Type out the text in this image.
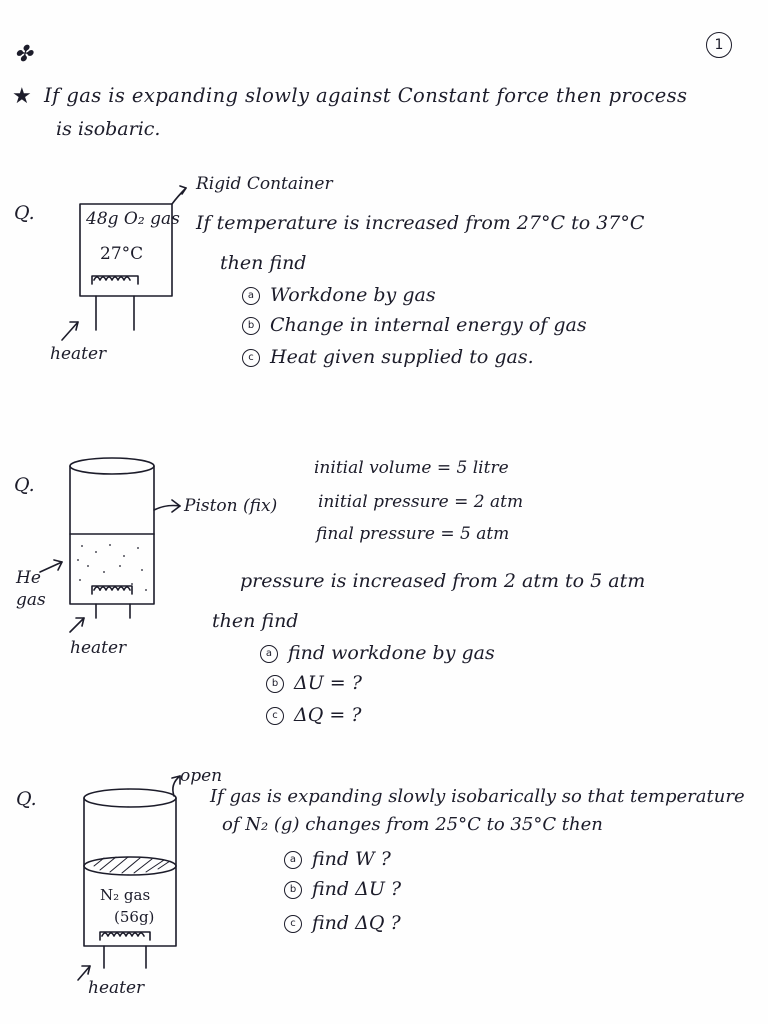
✤	1
★ If gas is expanding slowly against Constant force then process
is isobaric.
Q.
Rigid Container
48g O₂ gas
27°C
heater
If temperature is increased from 27°C to 37°C
then find
a Workdone by gas
b Change in internal energy of gas
c Heat given supplied to gas.
Q.
Piston (fix)
He
gas
heater
initial volume = 5 litre
initial pressure = 2 atm
final pressure = 5 atm
pressure is increased from 2 atm to 5 atm
then find
a find workdone by gas
b ΔU = ?
c ΔQ = ?
Q.
open
N₂ gas
(56g)
heater
If gas is expanding slowly isobarically so that temperature
of N₂ (g) changes from 25°C to 35°C then
a find W ?
b find ΔU ?
c find ΔQ ?
